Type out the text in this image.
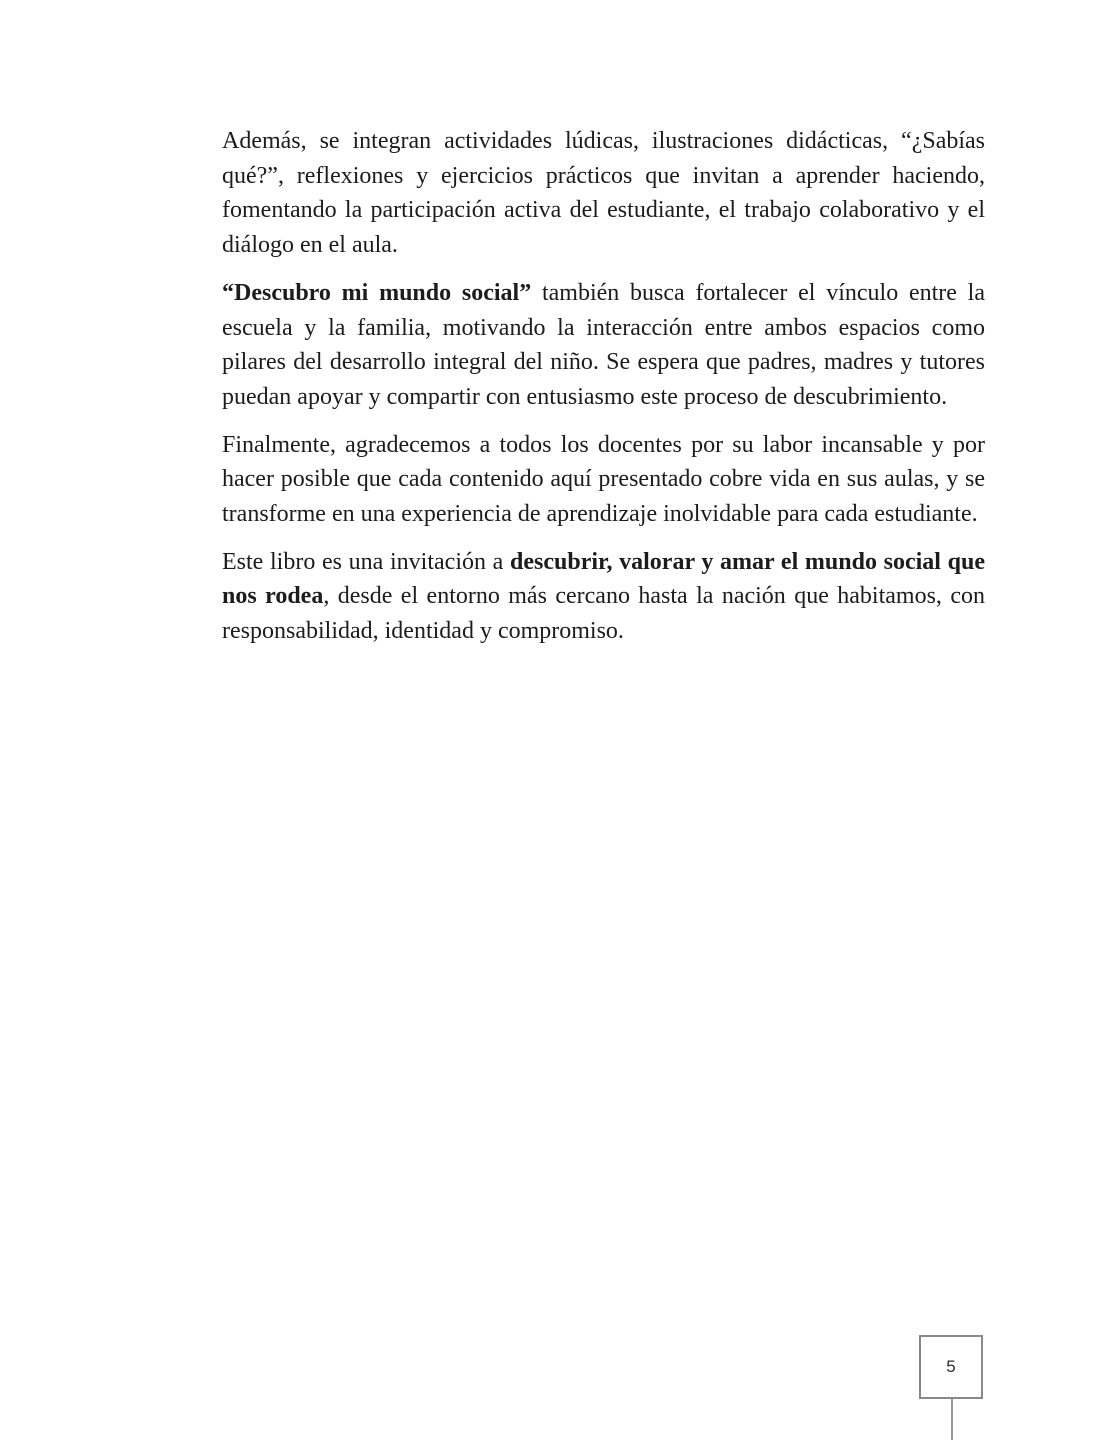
Además, se integran actividades lúdicas, ilustraciones didácticas, “¿Sabías qué?”, reflexiones y ejercicios prácticos que invitan a aprender haciendo, fomentando la participación activa del estudiante, el trabajo colaborativo y el diálogo en el aula.

“Descubro mi mundo social” también busca fortalecer el vínculo entre la escuela y la familia, motivando la interacción entre ambos espacios como pilares del desarrollo integral del niño. Se espera que padres, madres y tutores puedan apoyar y compartir con entusiasmo este proceso de descubrimiento.

Finalmente, agradecemos a todos los docentes por su labor incansable y por hacer posible que cada contenido aquí presentado cobre vida en sus aulas, y se transforme en una experiencia de aprendizaje inolvidable para cada estudiante.

Este libro es una invitación a descubrir, valorar y amar el mundo social que nos rodea, desde el entorno más cercano hasta la nación que habitamos, con responsabilidad, identidad y compromiso.

5
